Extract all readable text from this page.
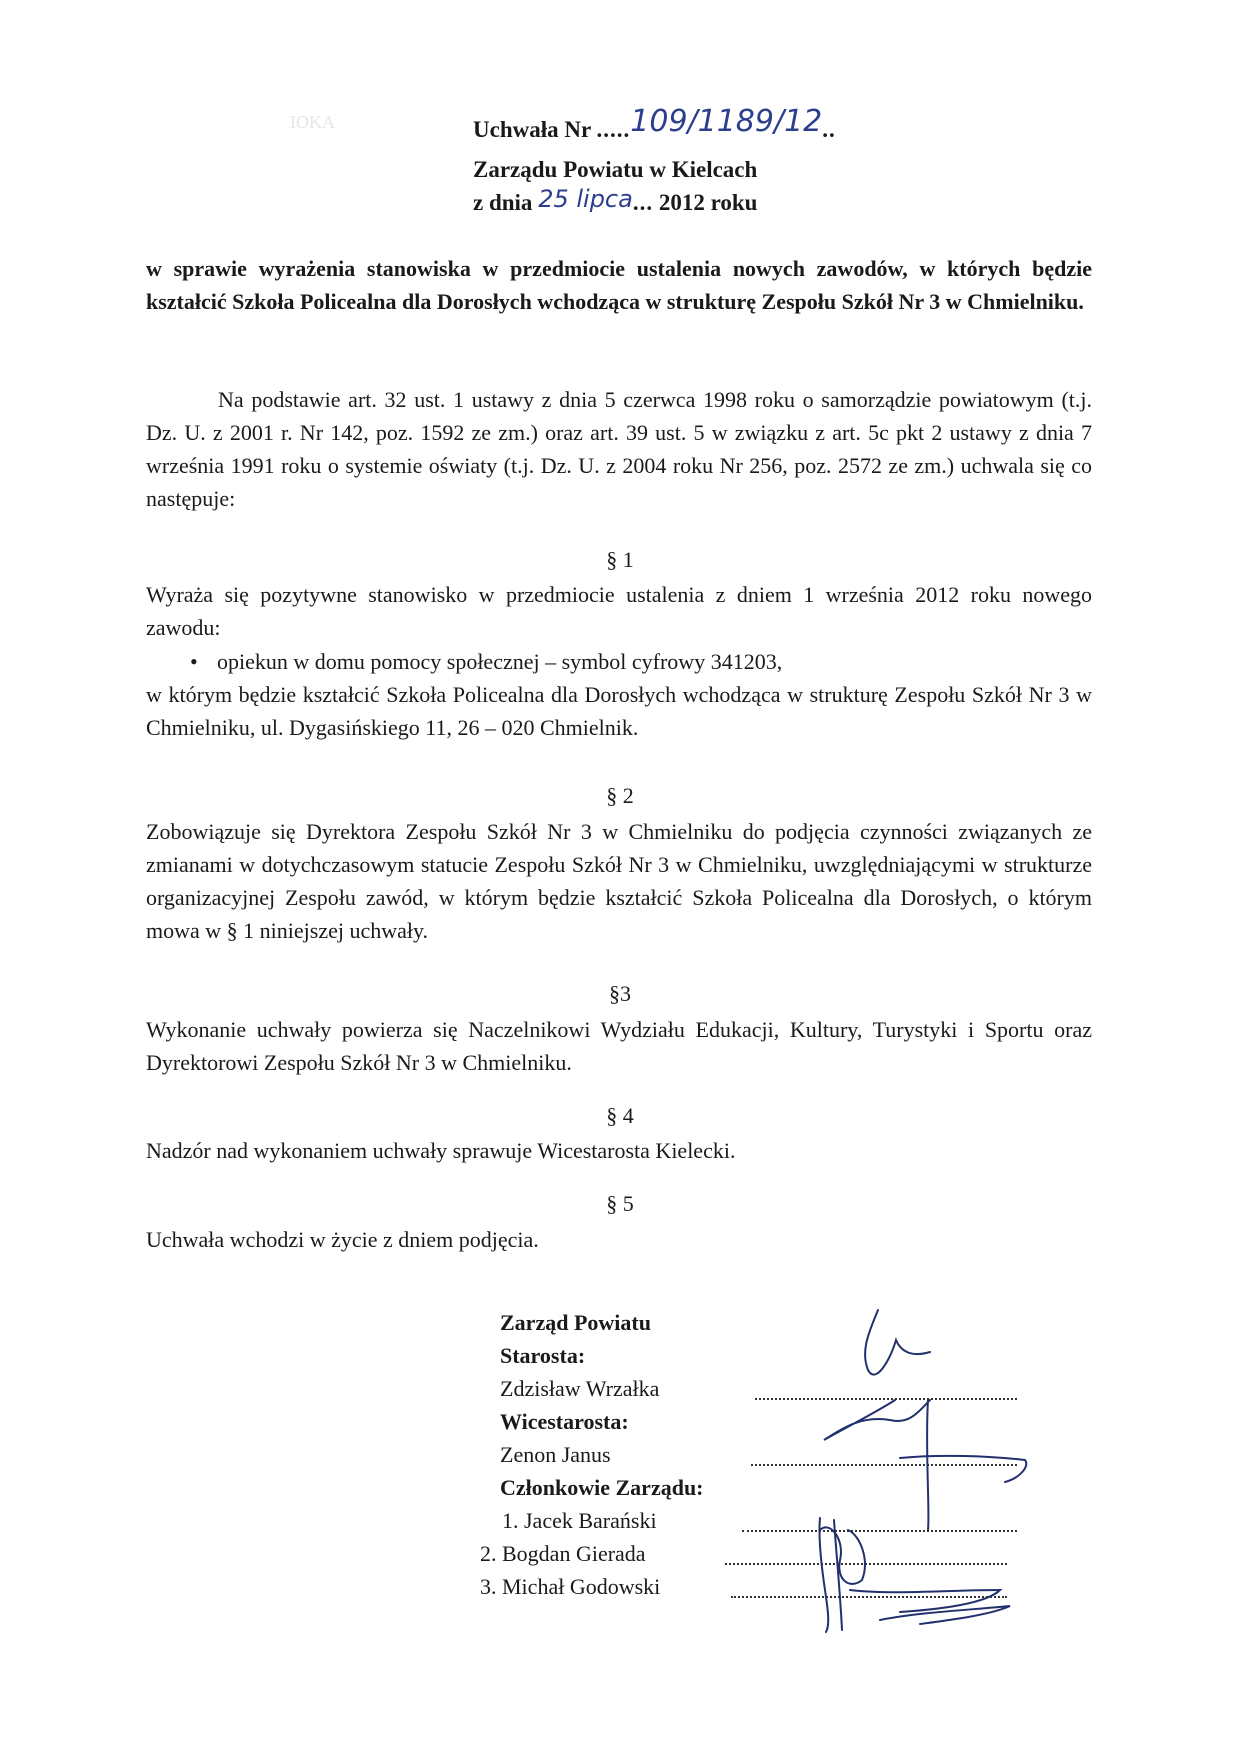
Uchwała Nr .....109/1189/12..
Zarządu Powiatu w Kielcach
z dnia 25 lipca... 2012 roku
w sprawie wyrażenia stanowiska w przedmiocie ustalenia nowych zawodów, w których będzie kształcić Szkoła Policealna dla Dorosłych wchodząca w strukturę Zespołu Szkół Nr 3 w Chmielniku.
Na podstawie art. 32 ust. 1 ustawy z dnia 5 czerwca 1998 roku o samorządzie powiatowym (t.j. Dz. U. z 2001 r. Nr 142, poz. 1592 ze zm.) oraz art. 39 ust. 5 w związku z art. 5c pkt 2 ustawy z dnia 7 września 1991 roku o systemie oświaty (t.j. Dz. U. z 2004 roku Nr 256, poz. 2572 ze zm.) uchwala się co następuje:
§ 1
Wyraża się pozytywne stanowisko w przedmiocie ustalenia z dniem 1 września 2012 roku nowego zawodu:
• opiekun w domu pomocy społecznej – symbol cyfrowy 341203,
w którym będzie kształcić Szkoła Policealna dla Dorosłych wchodząca w strukturę Zespołu Szkół Nr 3 w Chmielniku, ul. Dygasińskiego 11, 26 – 020 Chmielnik.
§ 2
Zobowiązuje się Dyrektora Zespołu Szkół Nr 3 w Chmielniku do podjęcia czynności związanych ze zmianami w dotychczasowym statucie Zespołu Szkół Nr 3 w Chmielniku, uwzględniającymi w strukturze organizacyjnej Zespołu zawód, w którym będzie kształcić Szkoła Policealna dla Dorosłych, o którym mowa w § 1 niniejszej uchwały.
§3
Wykonanie uchwały powierza się Naczelnikowi Wydziału Edukacji, Kultury, Turystyki i Sportu oraz Dyrektorowi Zespołu Szkół Nr 3 w Chmielniku.
§ 4
Nadzór nad wykonaniem uchwały sprawuje Wicestarosta Kielecki.
§ 5
Uchwała wchodzi w życie z dniem podjęcia.
Zarząd Powiatu
Starosta:
Zdzisław Wrzałka
Wicestarosta:
Zenon Janus
Członkowie Zarządu:
1. Jacek Barański
2. Bogdan Gierada
3. Michał Godowski
IOKA
